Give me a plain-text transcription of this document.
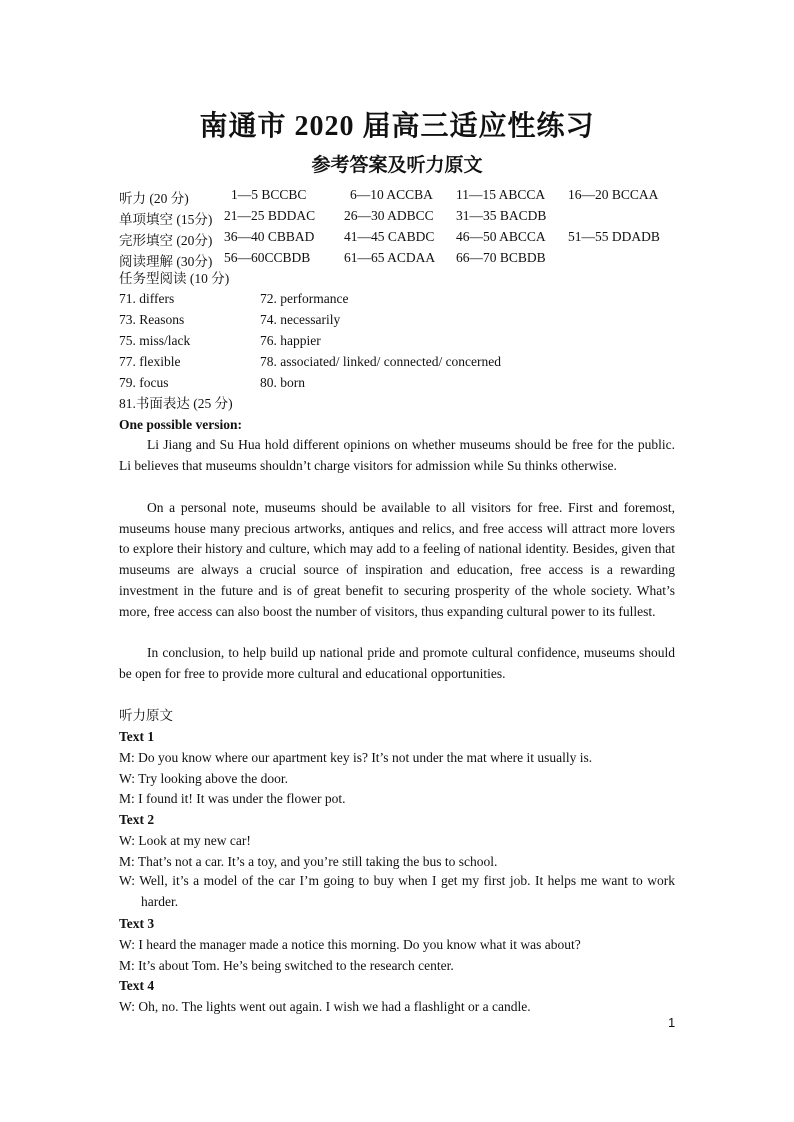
南通市 2020 届高三适应性练习
参考答案及听力原文
听力 (20 分)	1—5 BCCBC	6—10 ACCBA 11—15 ABCCA 16—20 BCCAA
单项填空 (15分) 21—25 BDDAC 26—30 ADBCC 31—35 BACDB
完形填空 (20分) 36—40 CBBAD 41—45 CABDC 46—50 ABCCA 51—55 DDADB
阅读理解 (30分) 56—60CCBDB 61—65 ACDAA 66—70 BCBDB
任务型阅读 (10 分)
71. differs	72. performance
73. Reasons	74. necessarily
75. miss/lack	76. happier
77. flexible	78. associated/ linked/ connected/ concerned
79. focus	80. born
81.书面表达 (25 分)
One possible version:
Li Jiang and Su Hua hold different opinions on whether museums should be free for the public. Li believes that museums shouldn’t charge visitors for admission while Su thinks otherwise.
On a personal note, museums should be available to all visitors for free. First and foremost, museums house many precious artworks, antiques and relics, and free access will attract more lovers to explore their history and culture, which may add to a feeling of national identity. Besides, given that museums are always a crucial source of inspiration and education, free access is a rewarding investment in the future and is of great benefit to securing prosperity of the whole society. What’s more, free access can also boost the number of visitors, thus expanding cultural power to its fullest.
In conclusion, to help build up national pride and promote cultural confidence, museums should be open for free to provide more cultural and educational opportunities.
听力原文
Text 1
M: Do you know where our apartment key is? It’s not under the mat where it usually is.
W: Try looking above the door.
M: I found it! It was under the flower pot.
Text 2
W: Look at my new car!
M: That’s not a car. It’s a toy, and you’re still taking the bus to school.
W: Well, it’s a model of the car I’m going to buy when I get my first job. It helps me want to work harder.
Text 3
W: I heard the manager made a notice this morning. Do you know what it was about?
M: It’s about Tom. He’s being switched to the research center.
Text 4
W: Oh, no. The lights went out again. I wish we had a flashlight or a candle.
1
